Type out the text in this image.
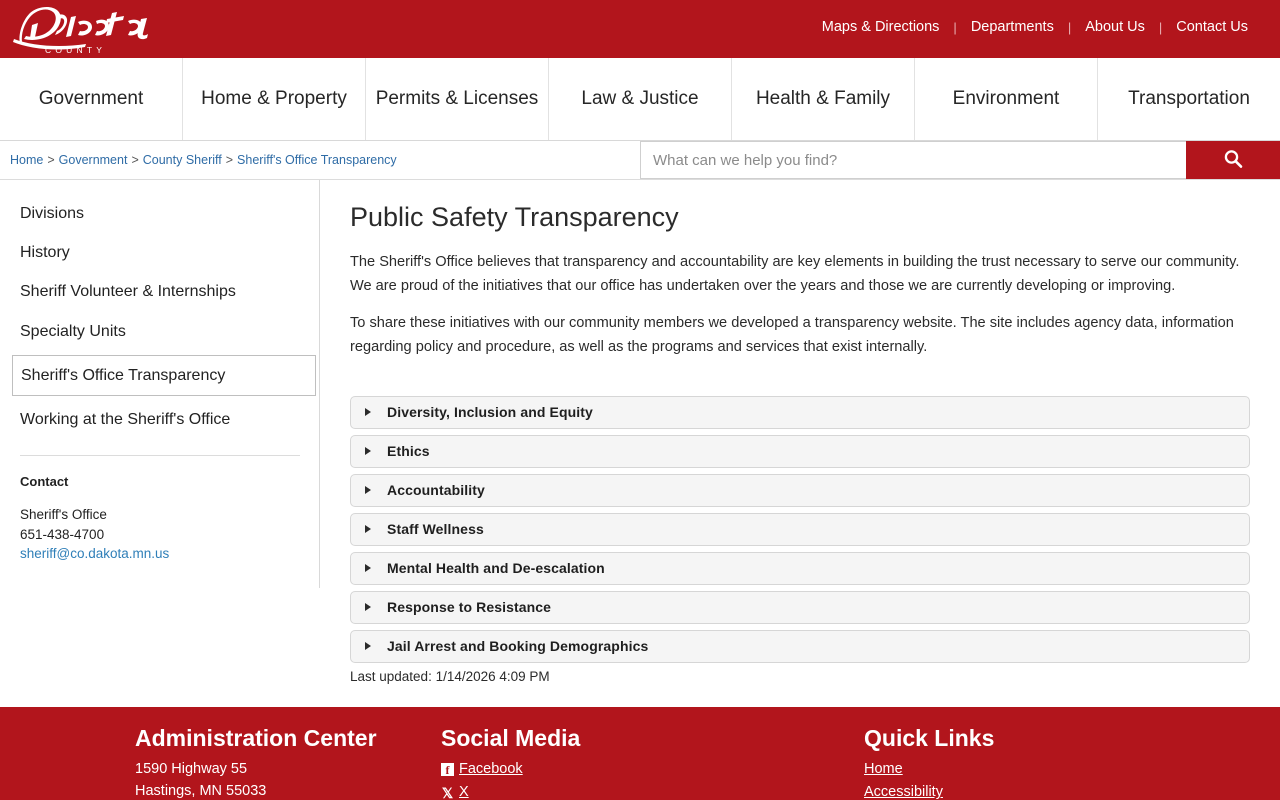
COUNTY
Maps & Directions	| Departments	| About Us	| Contact Us
Government	Home & Property	Permits & Licenses	Law & Justice	Health & Family	Environment	Transportation
Home > Government > County Sheriff > Sheriff's Office Transparency
What can we help you find?
Divisions
History
Sheriff Volunteer & Internships
Specialty Units
Sheriff's Office Transparency
Working at the Sheriff's Office
Contact
Sheriff's Office
651-438-4700
sheriff@co.dakota.mn.us
Public Safety Transparency

The Sheriff's Office believes that transparency and accountability are key elements in building the trust necessary to serve our community. We are proud of the initiatives that our office has undertaken over the years and those we are currently developing or improving.

To share these initiatives with our community members we developed a transparency website. The site includes agency data, information regarding policy and procedure, as well as the programs and services that exist internally.

Diversity, Inclusion and Equity
Ethics
Accountability
Staff Wellness
Mental Health and De-escalation
Response to Resistance
Jail Arrest and Booking Demographics
Last updated: 1/14/2026 4:09 PM
Administration Center
1590 Highway 55
Hastings, MN 55033
Social Media
f Facebook
𝕏 X
Quick Links
Home
Accessibility
